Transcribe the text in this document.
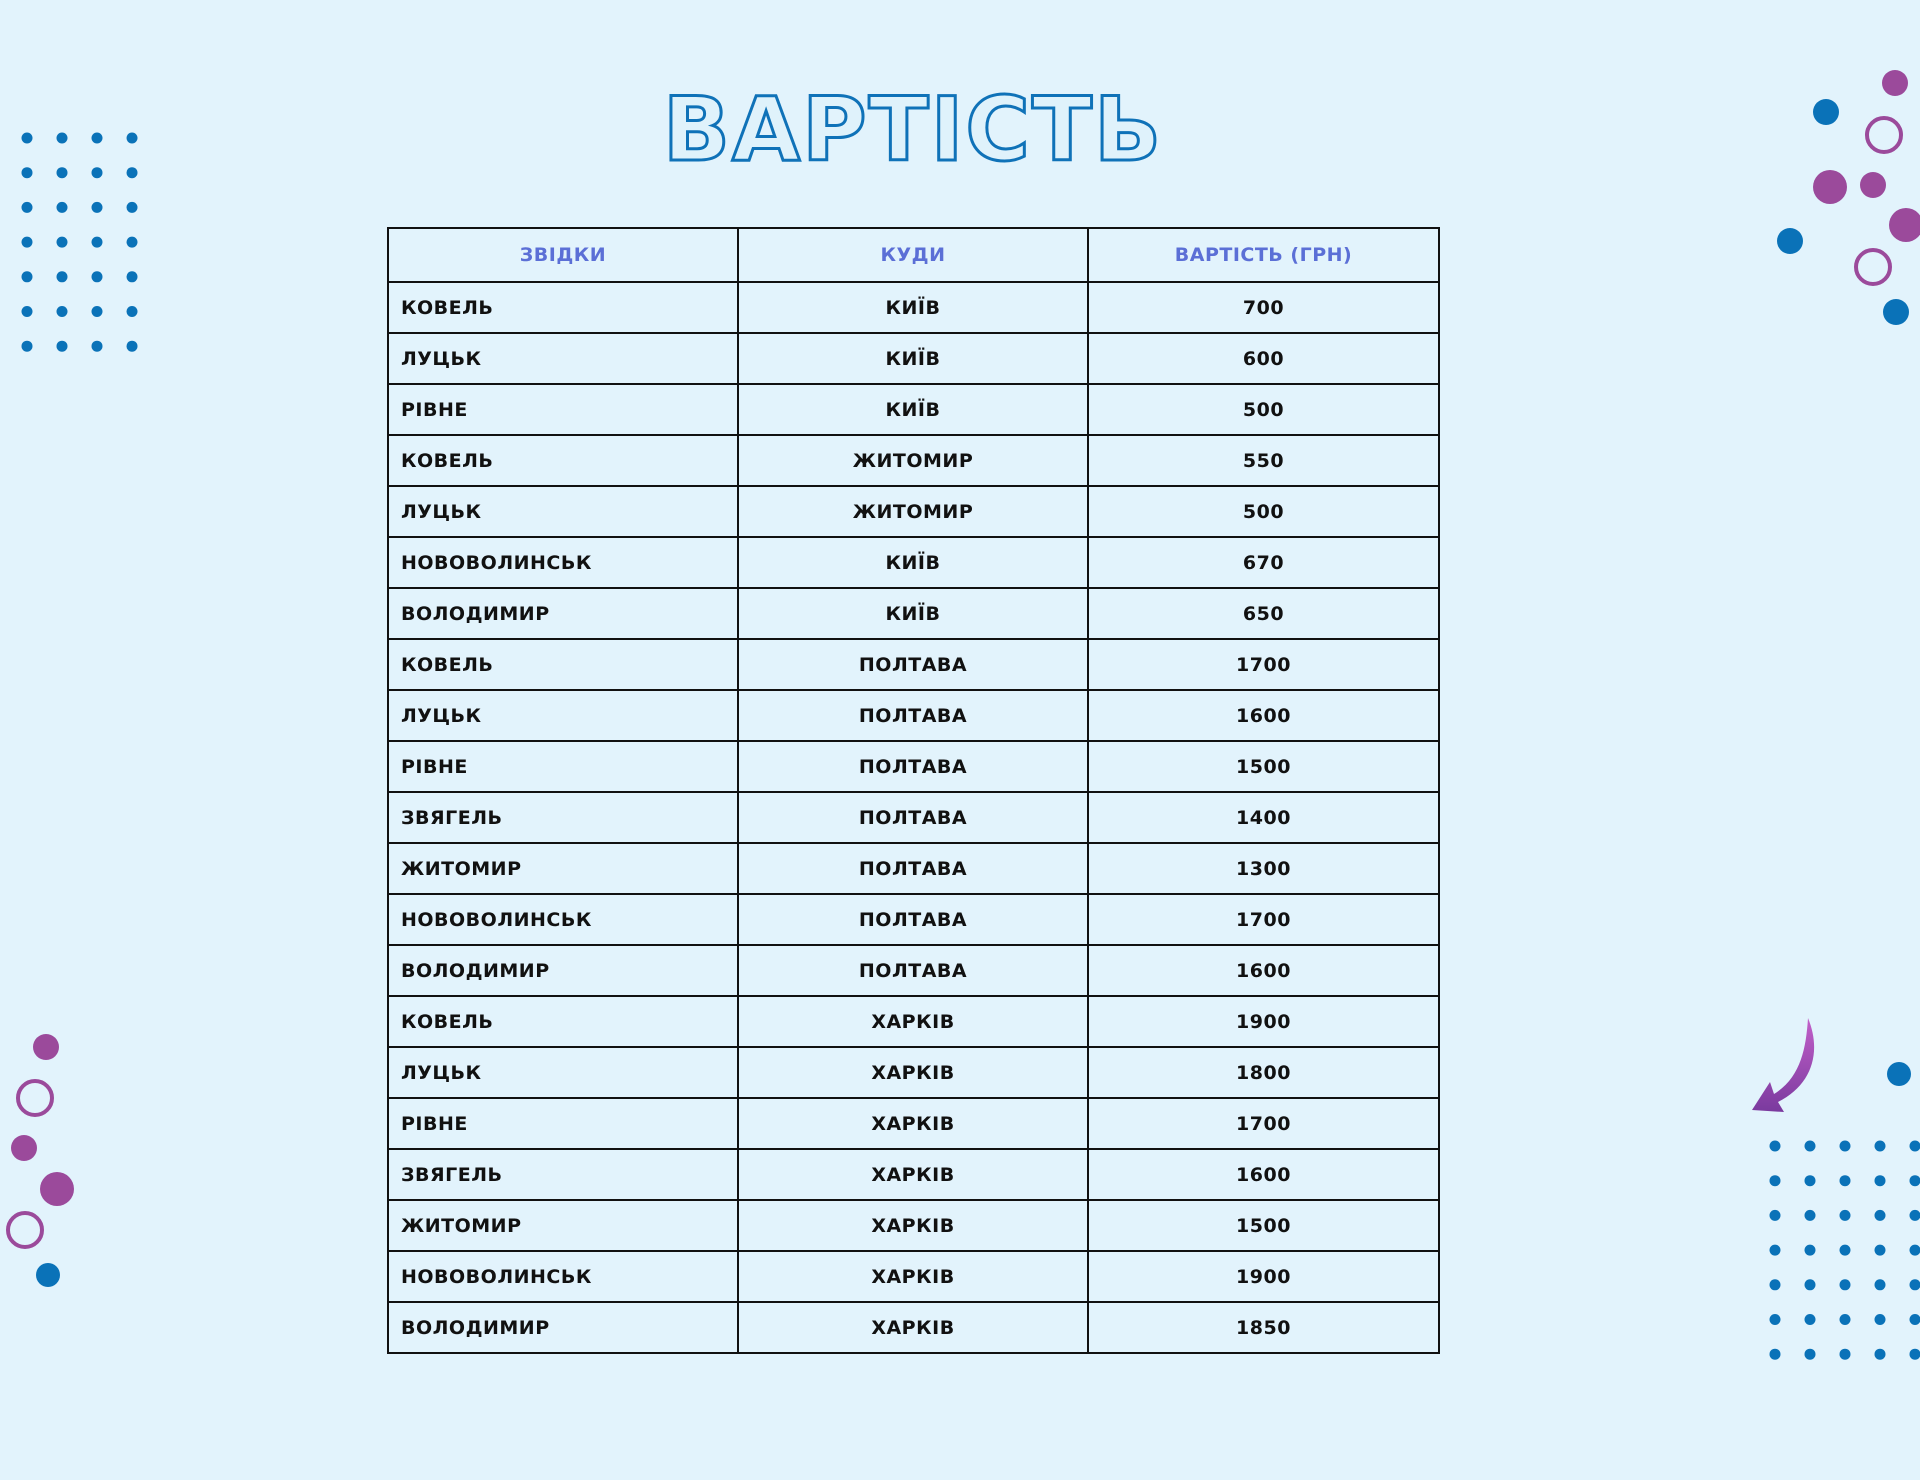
ВАРТІСТЬ
ЗВІДКИ	КУДИ	ВАРТІСТЬ (ГРН)
КОВЕЛЬ	КИЇВ	700
ЛУЦЬК	КИЇВ	600
РІВНЕ	КИЇВ	500
КОВЕЛЬ	ЖИТОМИР	550
ЛУЦЬК	ЖИТОМИР	500
НОВОВОЛИНСЬК	КИЇВ	670
ВОЛОДИМИР	КИЇВ	650
КОВЕЛЬ	ПОЛТАВА	1700
ЛУЦЬК	ПОЛТАВА	1600
РІВНЕ	ПОЛТАВА	1500
ЗВЯГЕЛЬ	ПОЛТАВА	1400
ЖИТОМИР	ПОЛТАВА	1300
НОВОВОЛИНСЬК	ПОЛТАВА	1700
ВОЛОДИМИР	ПОЛТАВА	1600
КОВЕЛЬ	ХАРКІВ	1900
ЛУЦЬК	ХАРКІВ	1800
РІВНЕ	ХАРКІВ	1700
ЗВЯГЕЛЬ	ХАРКІВ	1600
ЖИТОМИР	ХАРКІВ	1500
НОВОВОЛИНСЬК	ХАРКІВ	1900
ВОЛОДИМИР	ХАРКІВ	1850
